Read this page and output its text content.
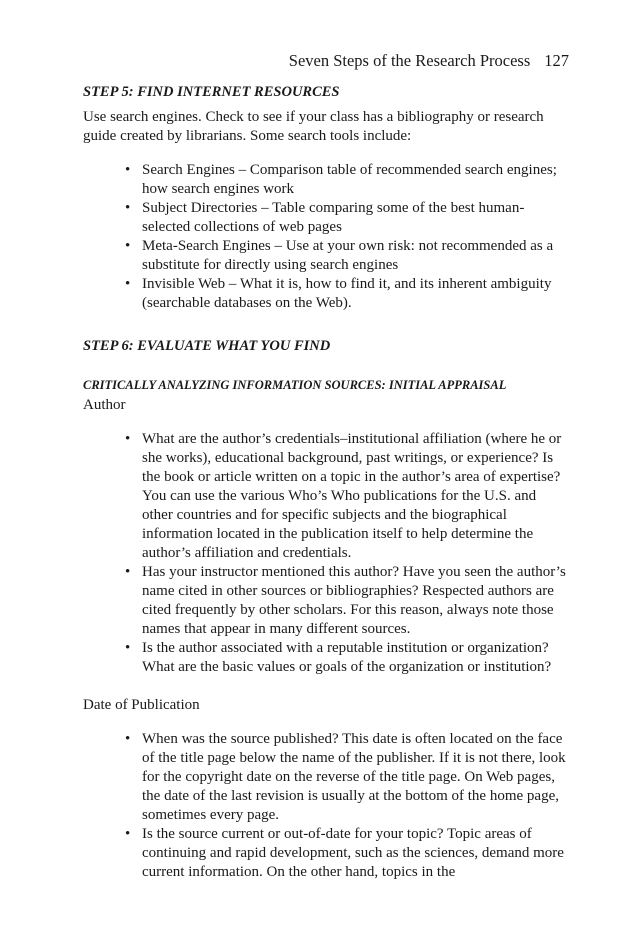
Seven Steps of the Research Process 127
STEP 5: FIND INTERNET RESOURCES

Use search engines. Check to see if your class has a bibliography or research guide created by librarians. Some search tools include:

• Search Engines – Comparison table of recommended search engines; how search engines work
• Subject Directories – Table comparing some of the best human-selected collections of web pages
• Meta-Search Engines – Use at your own risk: not recommended as a substitute for directly using search engines
• Invisible Web – What it is, how to find it, and its inherent ambiguity (searchable databases on the Web).
STEP 6: EVALUATE WHAT YOU FIND
CRITICALLY ANALYZING INFORMATION SOURCES: INITIAL APPRAISAL

Author

• What are the author’s credentials–institutional affiliation (where he or she works), educational background, past writings, or experience? Is the book or article written on a topic in the author’s area of expertise? You can use the various Who’s Who publications for the U.S. and other countries and for specific subjects and the biographical information located in the publication itself to help determine the author’s affiliation and credentials.
• Has your instructor mentioned this author? Have you seen the author’s name cited in other sources or bibliographies? Respected authors are cited frequently by other scholars. For this reason, always note those names that appear in many different sources.
• Is the author associated with a reputable institution or organization? What are the basic values or goals of the organization or institution?

Date of Publication

• When was the source published? This date is often located on the face of the title page below the name of the publisher. If it is not there, look for the copyright date on the reverse of the title page. On Web pages, the date of the last revision is usually at the bottom of the home page, sometimes every page.
• Is the source current or out-of-date for your topic? Topic areas of continuing and rapid development, such as the sciences, demand more current information. On the other hand, topics in the
